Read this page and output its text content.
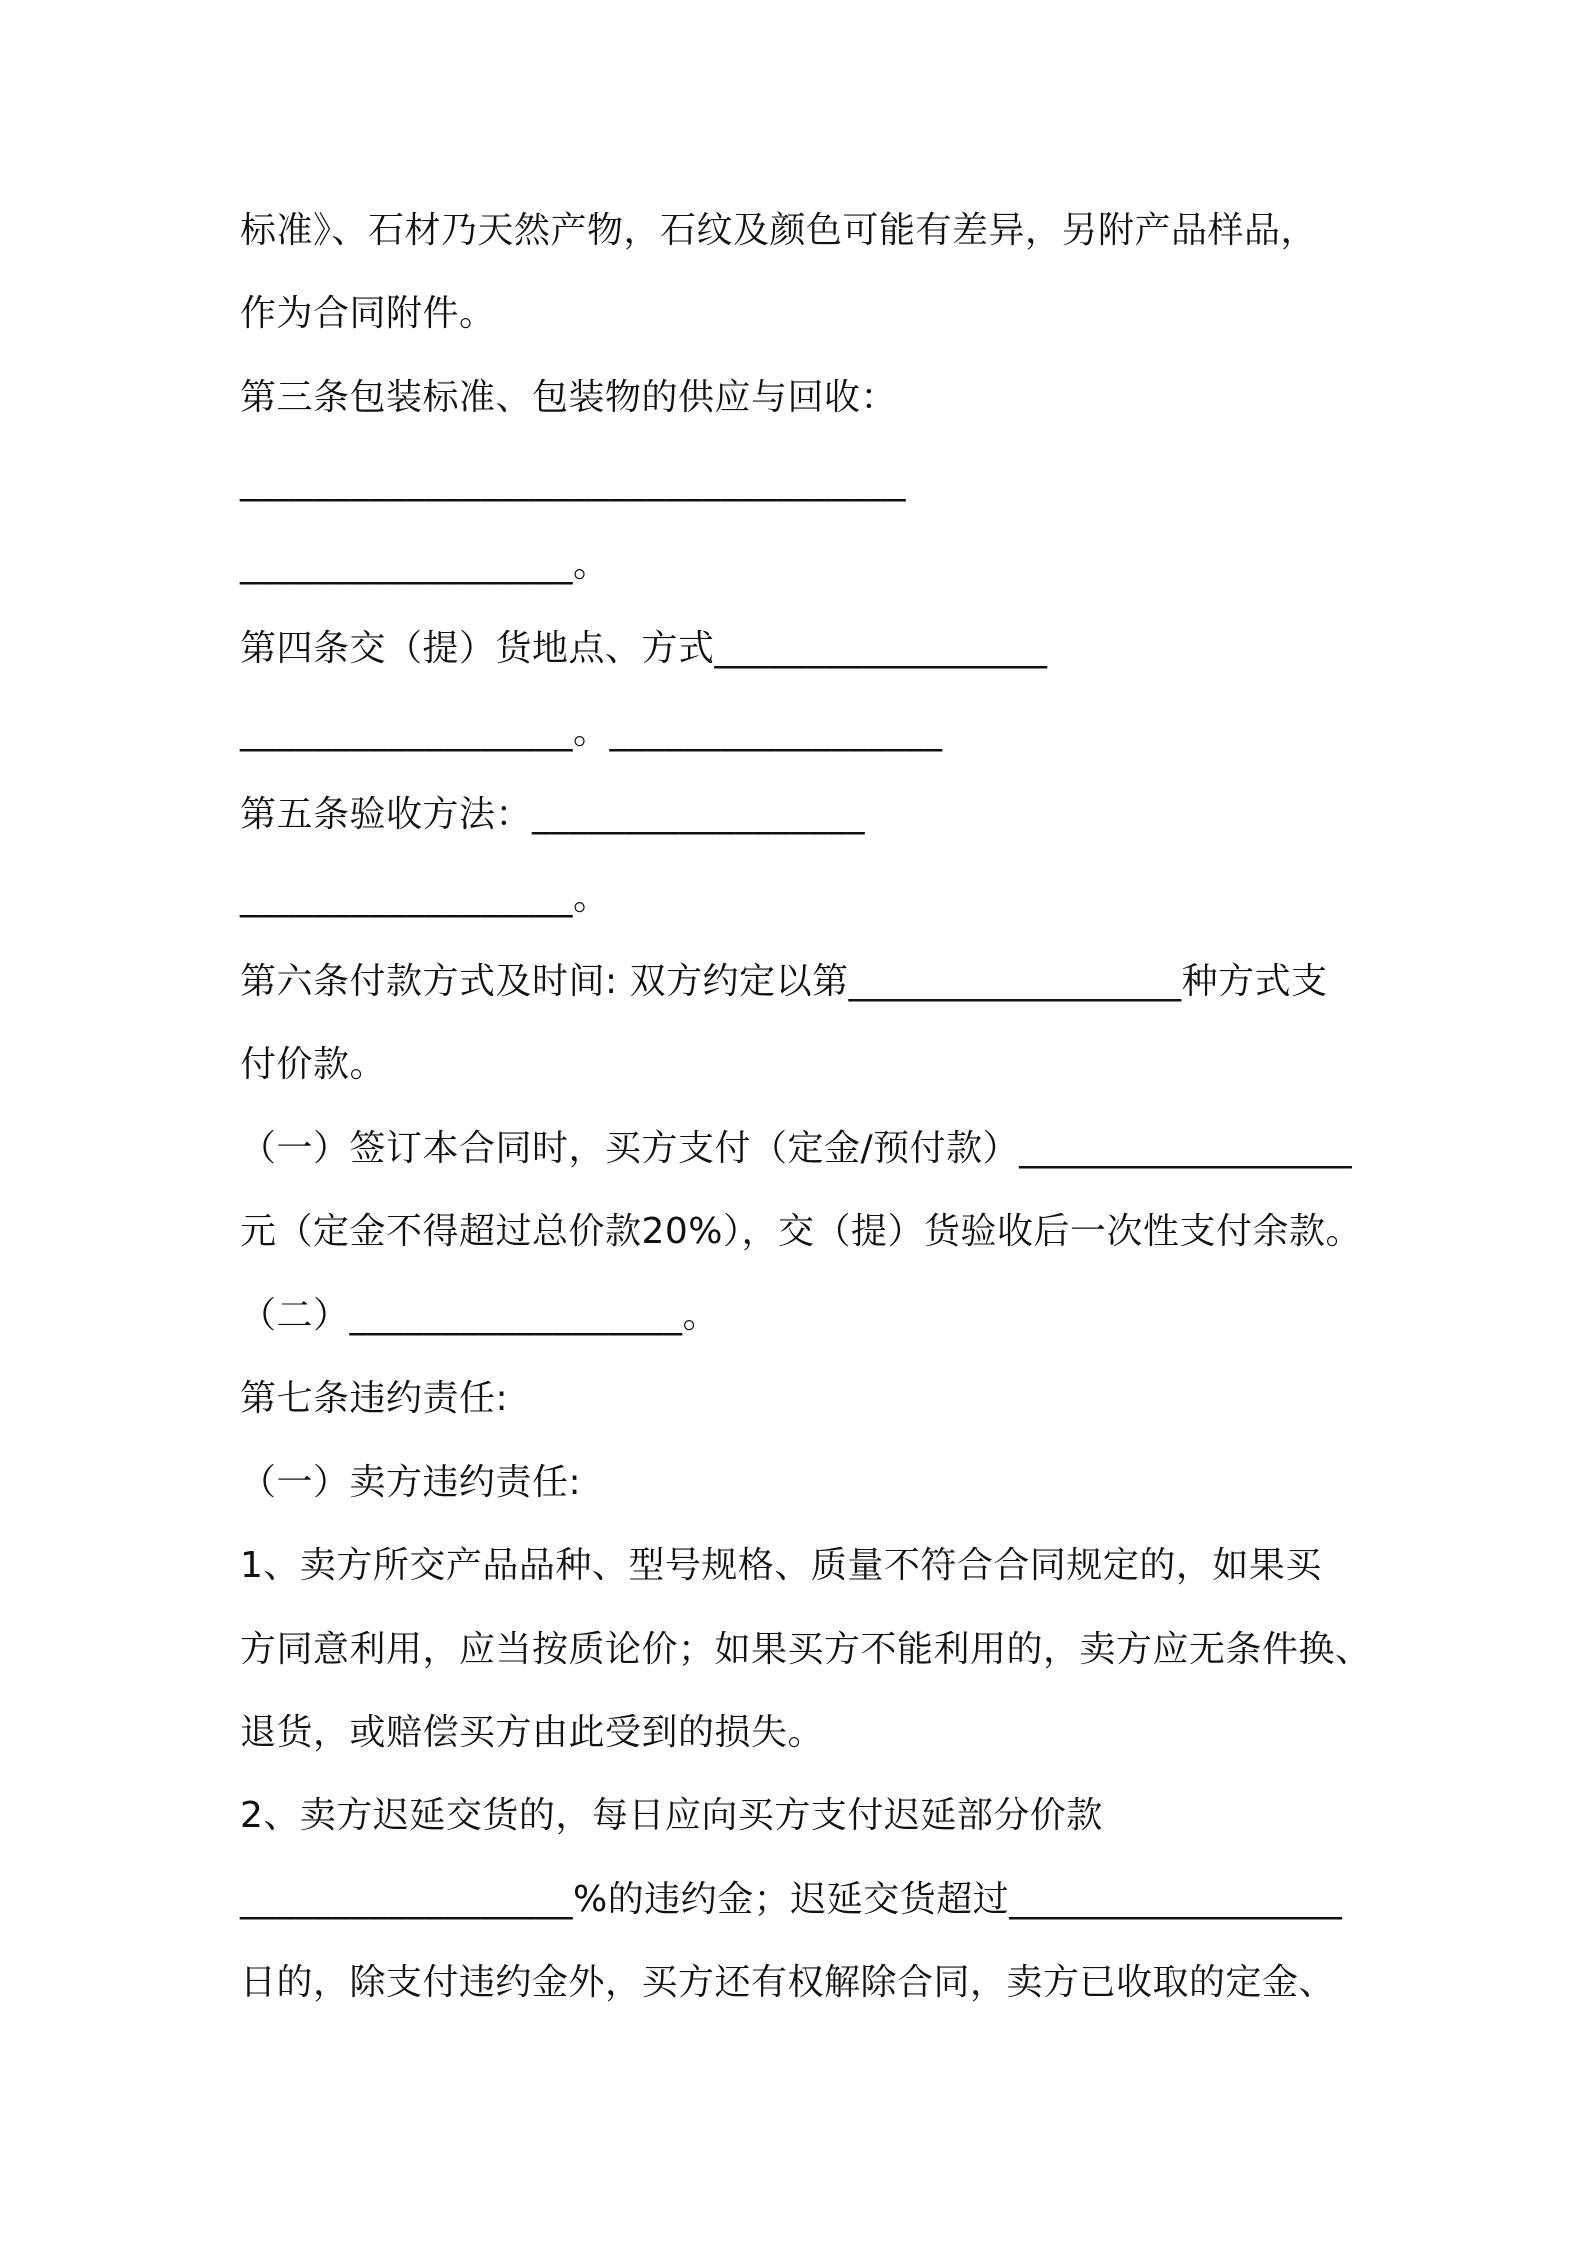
标准》、石材乃天然产物，石纹及颜色可能有差异，另附产品样品，
作为合同附件。
第三条包装标准、包装物的供应与回收：
____________________________________
__________________。
第四条交（提）货地点、方式__________________
__________________。__________________
第五条验收方法：__________________
__________________。
第六条付款方式及时间: 双方约定以第__________________种方式支
付价款。
（一）签订本合同时，买方支付（定金/预付款）__________________
元（定金不得超过总价款20%），交（提）货验收后一次性支付余款。
（二）__________________。
第七条违约责任:
（一）卖方违约责任:
1、卖方所交产品品种、型号规格、质量不符合合同规定的，如果买
方同意利用，应当按质论价；如果买方不能利用的，卖方应无条件换、
退货，或赔偿买方由此受到的损失。
2、卖方迟延交货的，每日应向买方支付迟延部分价款
__________________%的违约金；迟延交货超过__________________
日的，除支付违约金外，买方还有权解除合同，卖方已收取的定金、
